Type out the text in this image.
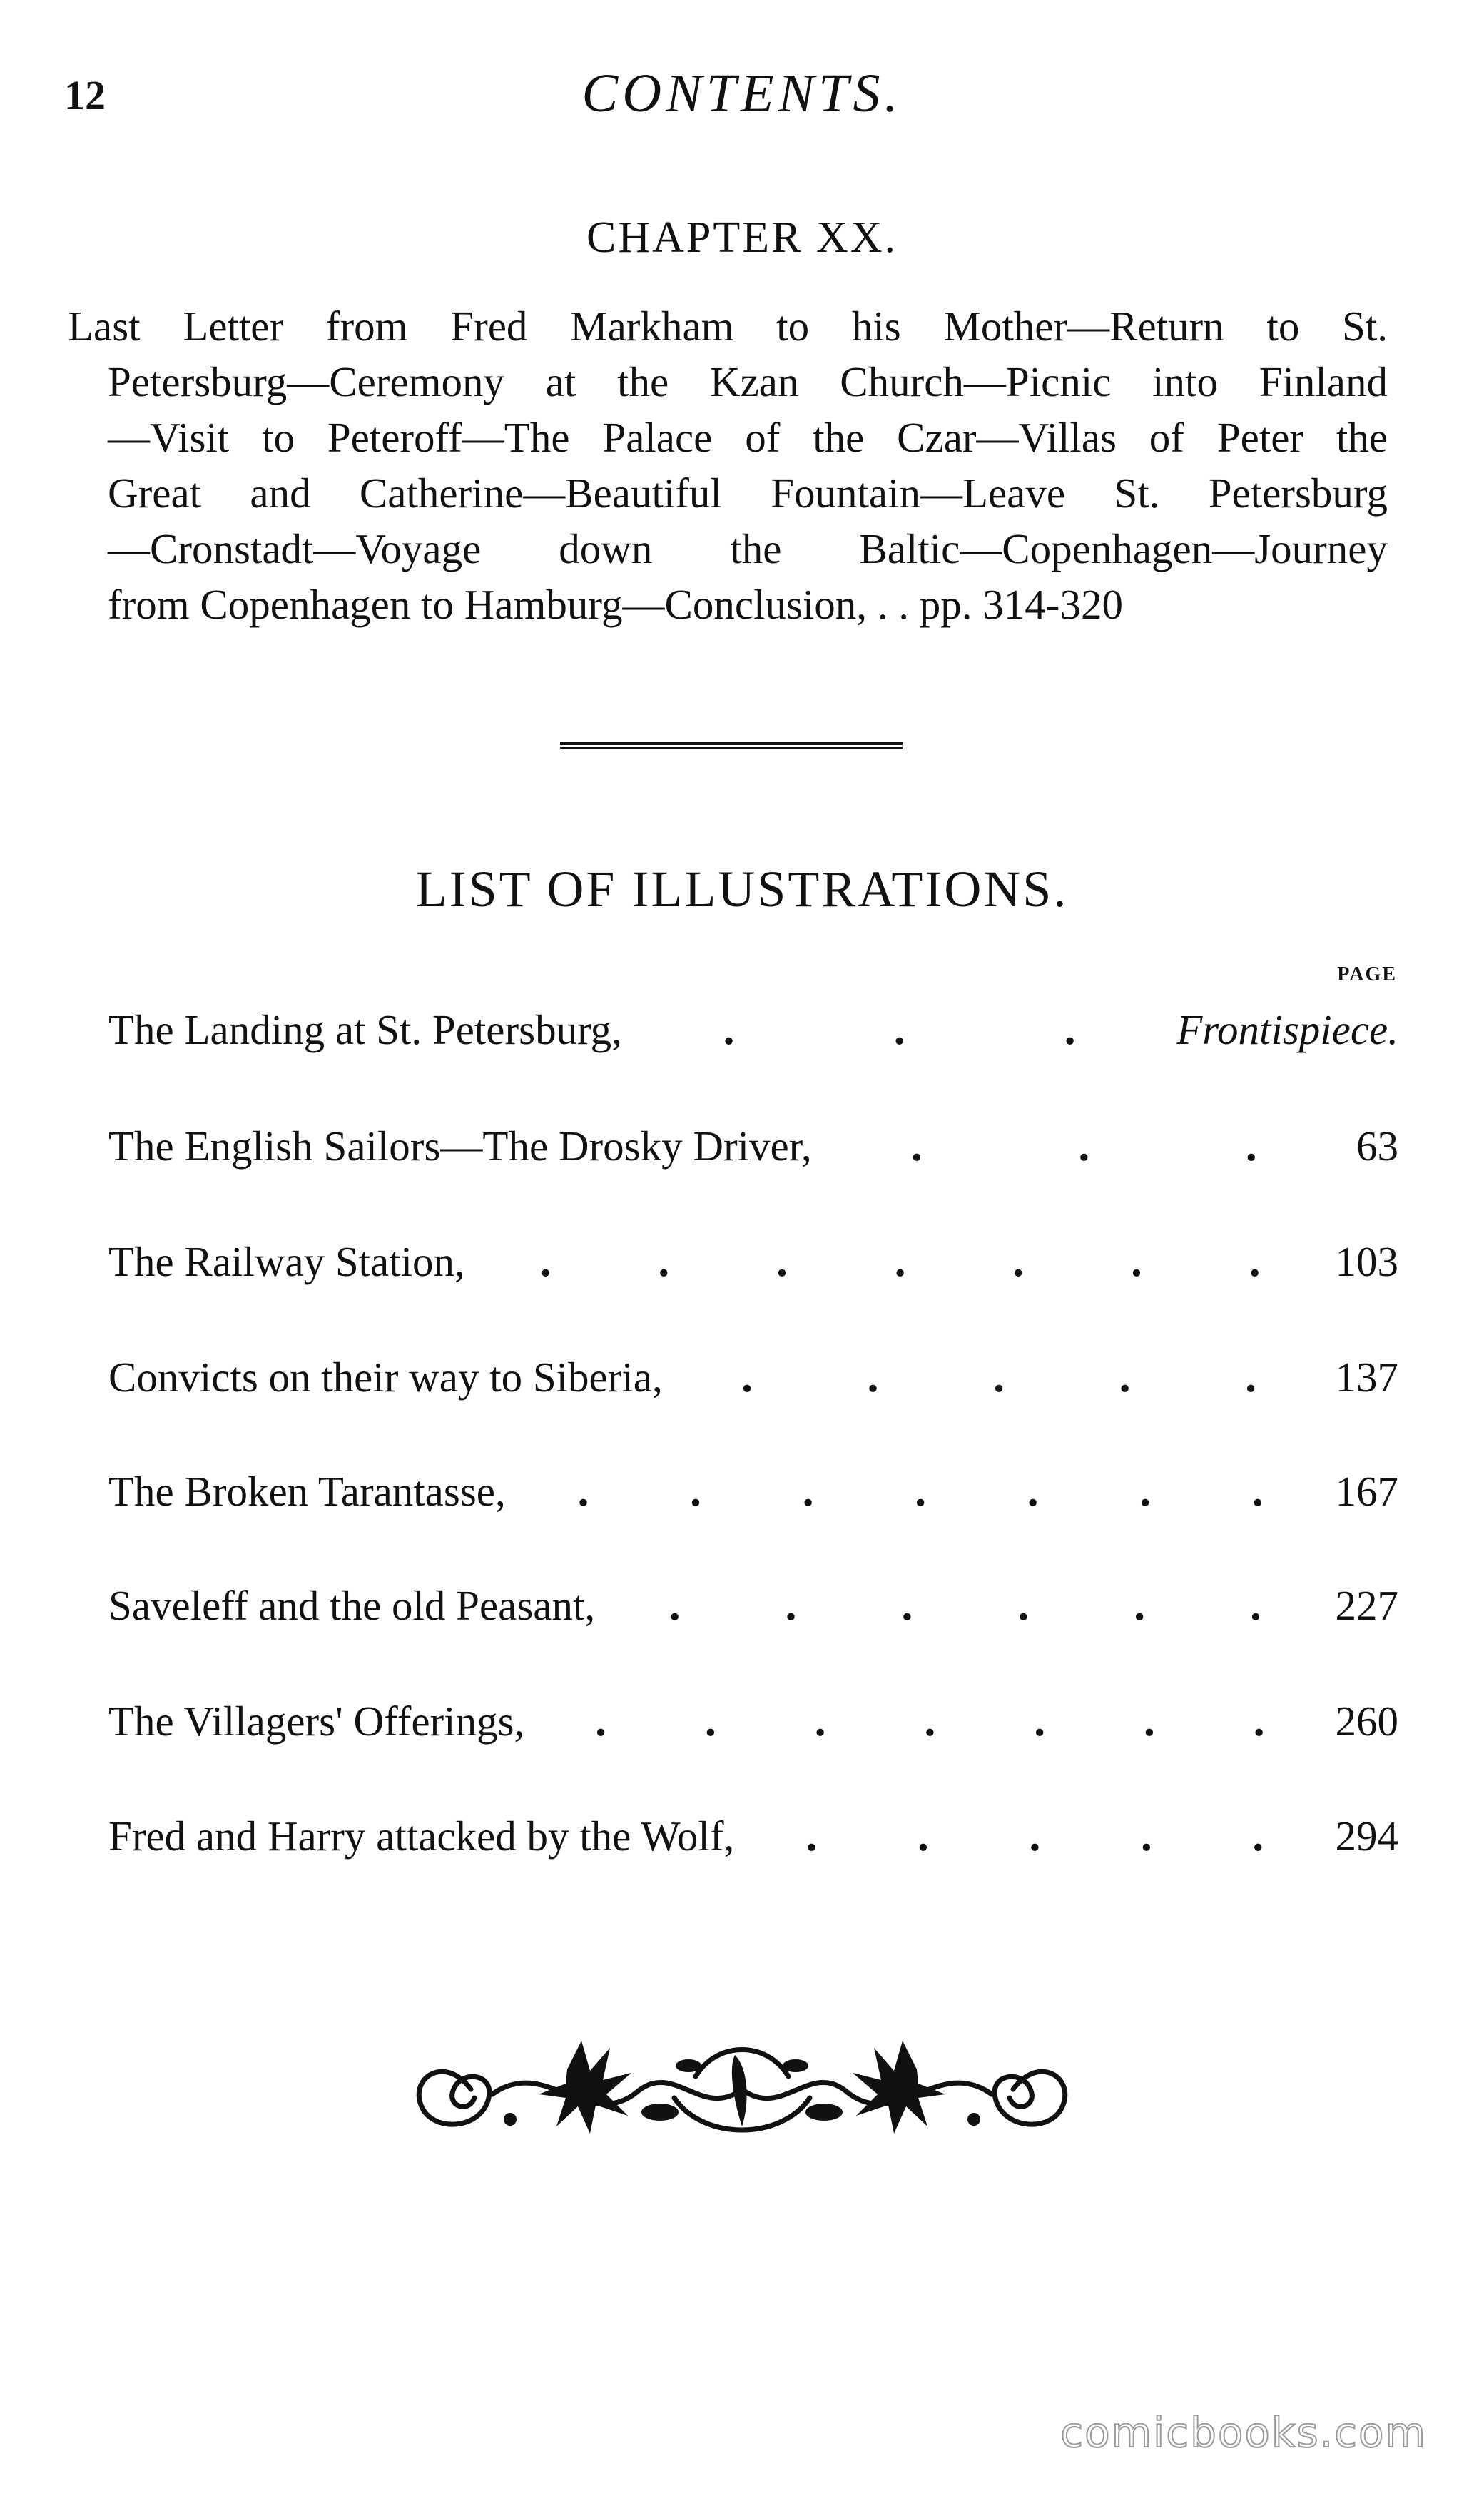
12	CONTENTS.
CHAPTER XX.
Last Letter from Fred Markham to his Mother—Return to St.
Petersburg—Ceremony at the Kzan Church—Picnic into Finland
—Visit to Peteroff—The Palace of the Czar—Villas of Peter the
Great and Catherine—Beautiful Fountain—Leave St. Petersburg
—Cronstadt—Voyage down the Baltic—Copenhagen—Journey
from Copenhagen to Hamburg—Conclusion, . . pp. 314-320
LIST OF ILLUSTRATIONS.
PAGE
The Landing at St. Petersburg, .	.	. Frontispiece.
The English Sailors—The Drosky Driver, .	.	. 63
The Railway Station, . . . . . . . 103
Convicts on their way to Siberia, .	.	.	.	. 137
The Broken Tarantasse, . . . . . . . 167
Saveleff and the old Peasant, . . . . . . 227
The Villagers' Offerings, . . . . . . . 260
Fred and Harry attacked by the Wolf, . . . . . 294
comicbooks.com
